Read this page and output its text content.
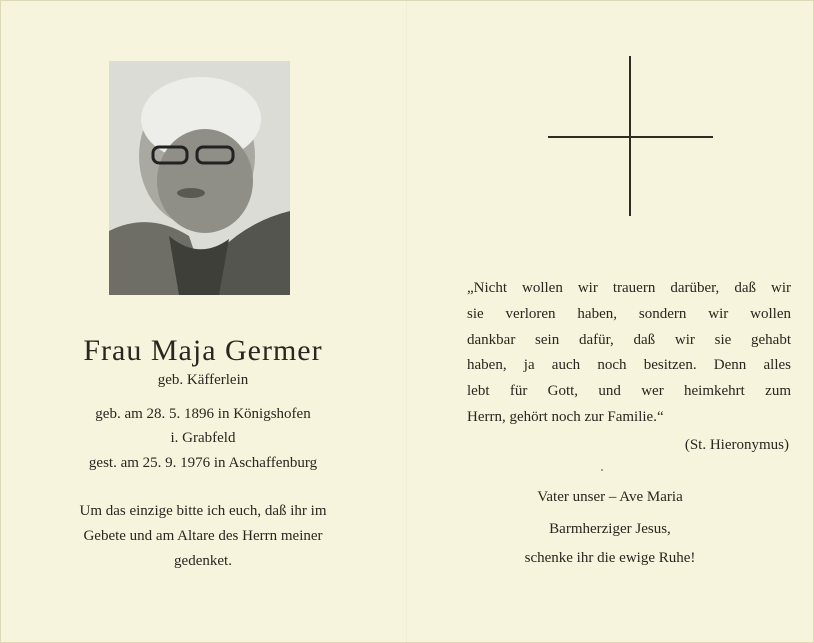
Frau Maja Germer
geb. Käfferlein
geb. am 28. 5. 1896 in Königshofen
i. Grabfeld
gest. am 25. 9. 1976 in Aschaffenburg
Um das einzige bitte ich euch, daß ihr im
Gebete und am Altare des Herrn meiner
gedenket.
„Nicht wollen wir trauern darüber, daß wir
sie verloren haben, sondern wir wollen
dankbar sein dafür, daß wir sie gehabt
haben, ja auch noch besitzen. Denn alles
lebt für Gott, und wer heimkehrt zum
Herrn, gehört noch zur Familie.“
(St. Hieronymus)
Vater unser – Ave Maria
Barmherziger Jesus,
schenke ihr die ewige Ruhe!
